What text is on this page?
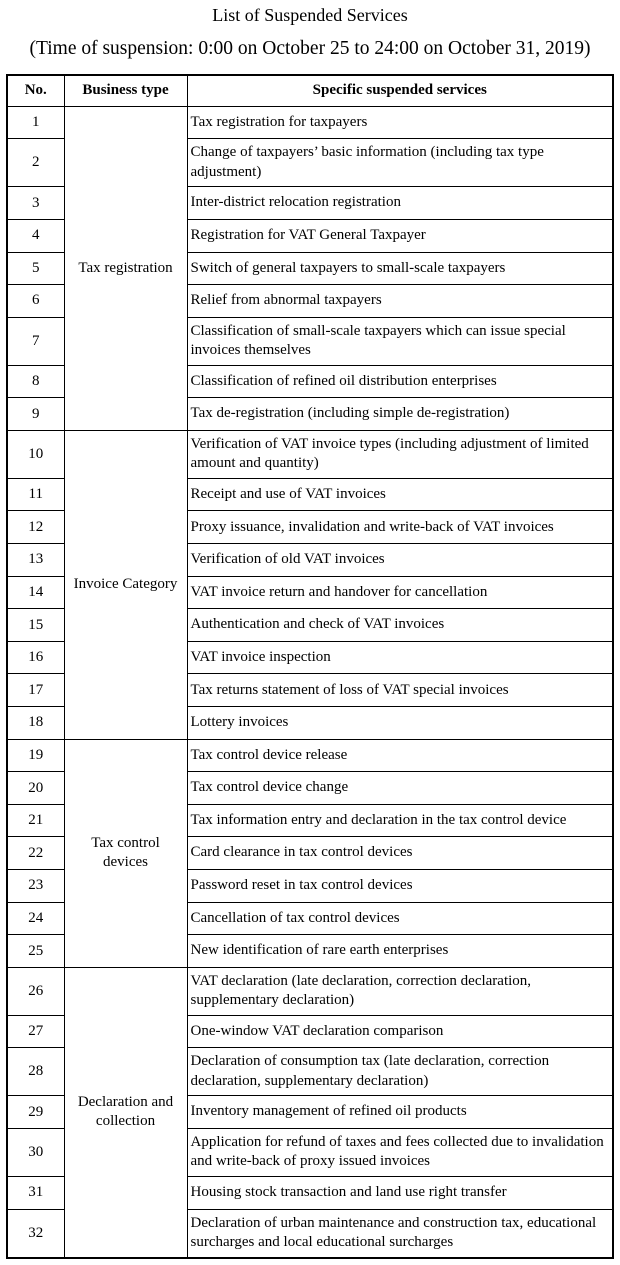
List of Suspended Services
(Time of suspension: 0:00 on October 25 to 24:00 on October 31, 2019)
No.	Business type	Specific suspended services
1	Tax registration	Tax registration for taxpayers
2		Change of taxpayers’ basic information (including tax type adjustment)
3		Inter-district relocation registration
4		Registration for VAT General Taxpayer
5		Switch of general taxpayers to small-scale taxpayers
6		Relief from abnormal taxpayers
7		Classification of small-scale taxpayers which can issue special invoices themselves
8		Classification of refined oil distribution enterprises
9		Tax de-registration (including simple de-registration)
10	Invoice Category	Verification of VAT invoice types (including adjustment of limited amount and quantity)
11		Receipt and use of VAT invoices
12		Proxy issuance, invalidation and write-back of VAT invoices
13		Verification of old VAT invoices
14		VAT invoice return and handover for cancellation
15		Authentication and check of VAT invoices
16		VAT invoice inspection
17		Tax returns statement of loss of VAT special invoices
18		Lottery invoices
19	Tax control devices	Tax control device release
20		Tax control device change
21		Tax information entry and declaration in the tax control device
22		Card clearance in tax control devices
23		Password reset in tax control devices
24		Cancellation of tax control devices
25		New identification of rare earth enterprises
26	Declaration and collection	VAT declaration (late declaration, correction declaration, supplementary declaration)
27		One-window VAT declaration comparison
28		Declaration of consumption tax (late declaration, correction declaration, supplementary declaration)
29		Inventory management of refined oil products
30		Application for refund of taxes and fees collected due to invalidation and write-back of proxy issued invoices
31		Housing stock transaction and land use right transfer
32		Declaration of urban maintenance and construction tax, educational surcharges and local educational surcharges
